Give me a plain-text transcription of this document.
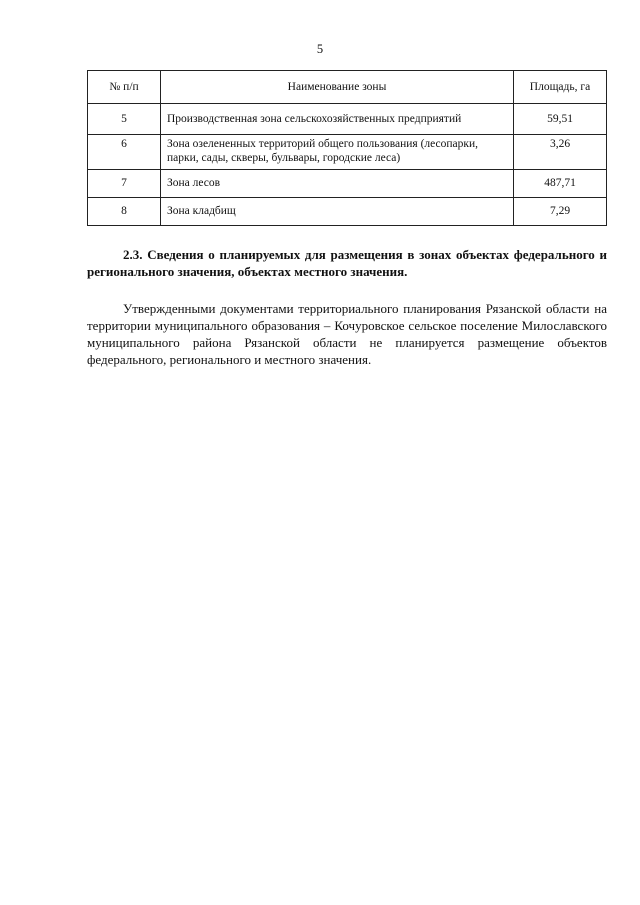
5
№ п/п	Наименование зоны	Площадь, га
5	Производственная зона сельскохозяйственных предприятий	59,51
6	Зона озелененных территорий общего пользования (лесопарки, парки, сады, скверы, бульвары, городские леса)	3,26
7	Зона лесов	487,71
8	Зона кладбищ	7,29
2.3. Сведения о планируемых для размещения в зонах объектах федерального и регионального значения, объектах местного значения.
Утвержденными документами территориального планирования Рязанской области на территории муниципального образования – Кочуровское сельское поселение Милославского муниципального района Рязанской области не планируется размещение объектов федерального, регионального и местного значения.
